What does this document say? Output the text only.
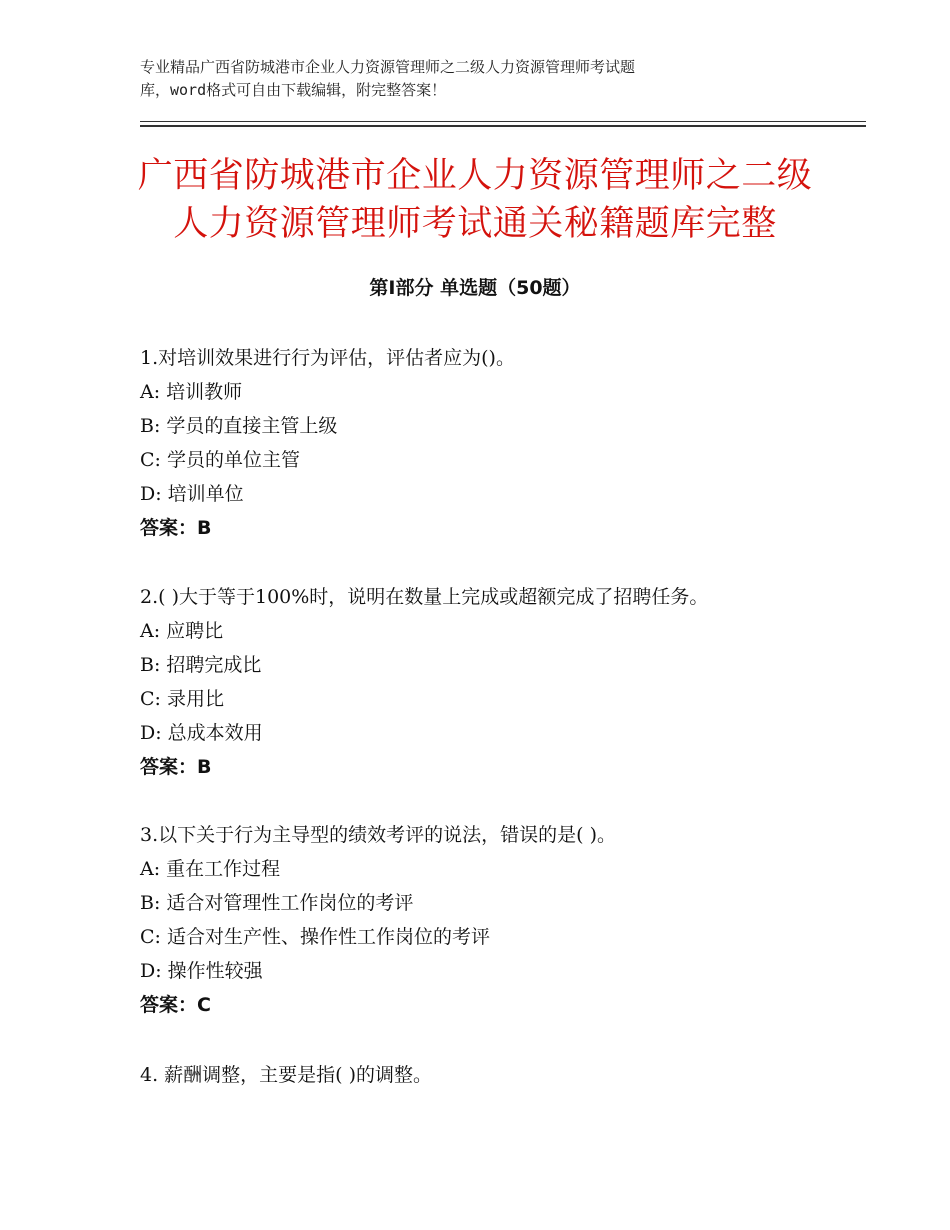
专业精品广西省防城港市企业人力资源管理师之二级人力资源管理师考试题
库，word格式可自由下载编辑，附完整答案！
广西省防城港市企业人力资源管理师之二级
人力资源管理师考试通关秘籍题库完整
第Ⅰ部分 单选题（50题）
1.对培训效果进行行为评估，评估者应为()。
A: 培训教师
B: 学员的直接主管上级
C: 学员的单位主管
D: 培训单位
答案：B
2.( )大于等于100%时，说明在数量上完成或超额完成了招聘任务。
A: 应聘比
B: 招聘完成比
C: 录用比
D: 总成本效用
答案：B
3.以下关于行为主导型的绩效考评的说法，错误的是( )。
A: 重在工作过程
B: 适合对管理性工作岗位的考评
C: 适合对生产性、操作性工作岗位的考评
D: 操作性较强
答案：C
4. 薪酬调整，主要是指( )的调整。
